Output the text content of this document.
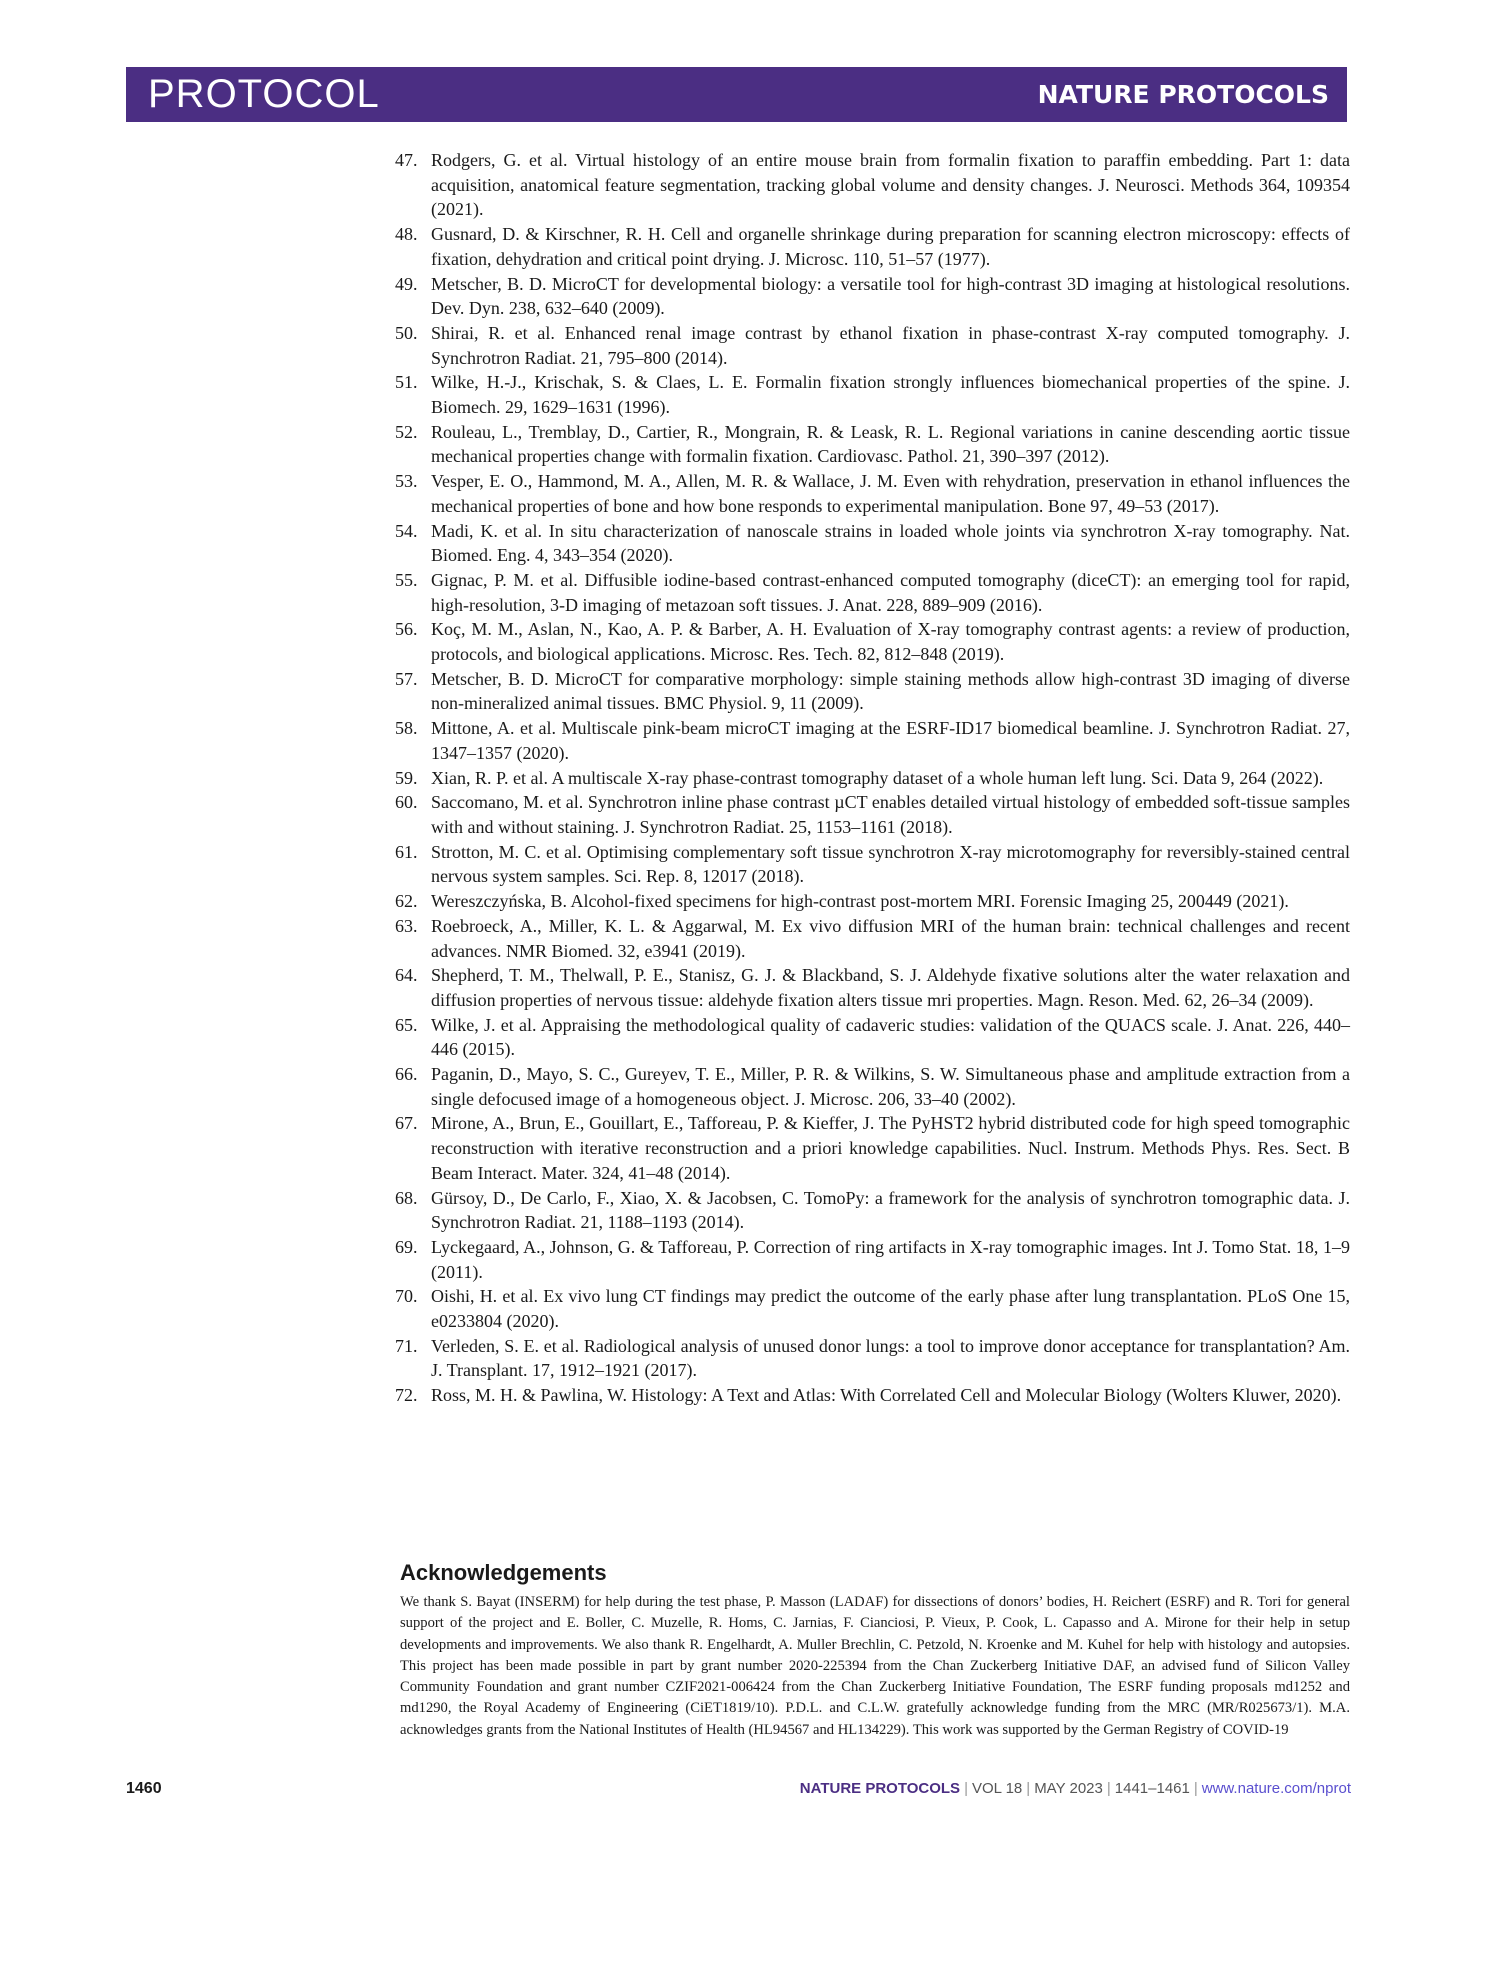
PROTOCOL	NATURE PROTOCOLS
47. Rodgers, G. et al. Virtual histology of an entire mouse brain from formalin fixation to paraffin embedding. Part 1: data acquisition, anatomical feature segmentation, tracking global volume and density changes. J. Neurosci. Methods 364, 109354 (2021).
48. Gusnard, D. & Kirschner, R. H. Cell and organelle shrinkage during preparation for scanning electron microscopy: effects of fixation, dehydration and critical point drying. J. Microsc. 110, 51–57 (1977).
49. Metscher, B. D. MicroCT for developmental biology: a versatile tool for high-contrast 3D imaging at histological resolutions. Dev. Dyn. 238, 632–640 (2009).
50. Shirai, R. et al. Enhanced renal image contrast by ethanol fixation in phase-contrast X-ray computed tomography. J. Synchrotron Radiat. 21, 795–800 (2014).
51. Wilke, H.-J., Krischak, S. & Claes, L. E. Formalin fixation strongly influences biomechanical properties of the spine. J. Biomech. 29, 1629–1631 (1996).
52. Rouleau, L., Tremblay, D., Cartier, R., Mongrain, R. & Leask, R. L. Regional variations in canine descending aortic tissue mechanical properties change with formalin fixation. Cardiovasc. Pathol. 21, 390–397 (2012).
53. Vesper, E. O., Hammond, M. A., Allen, M. R. & Wallace, J. M. Even with rehydration, preservation in ethanol influences the mechanical properties of bone and how bone responds to experimental manipulation. Bone 97, 49–53 (2017).
54. Madi, K. et al. In situ characterization of nanoscale strains in loaded whole joints via synchrotron X-ray tomography. Nat. Biomed. Eng. 4, 343–354 (2020).
55. Gignac, P. M. et al. Diffusible iodine-based contrast-enhanced computed tomography (diceCT): an emerging tool for rapid, high-resolution, 3-D imaging of metazoan soft tissues. J. Anat. 228, 889–909 (2016).
56. Koç, M. M., Aslan, N., Kao, A. P. & Barber, A. H. Evaluation of X-ray tomography contrast agents: a review of production, protocols, and biological applications. Microsc. Res. Tech. 82, 812–848 (2019).
57. Metscher, B. D. MicroCT for comparative morphology: simple staining methods allow high-contrast 3D imaging of diverse non-mineralized animal tissues. BMC Physiol. 9, 11 (2009).
58. Mittone, A. et al. Multiscale pink-beam microCT imaging at the ESRF-ID17 biomedical beamline. J. Synchrotron Radiat. 27, 1347–1357 (2020).
59. Xian, R. P. et al. A multiscale X-ray phase-contrast tomography dataset of a whole human left lung. Sci. Data 9, 264 (2022).
60. Saccomano, M. et al. Synchrotron inline phase contrast µCT enables detailed virtual histology of embedded soft-tissue samples with and without staining. J. Synchrotron Radiat. 25, 1153–1161 (2018).
61. Strotton, M. C. et al. Optimising complementary soft tissue synchrotron X-ray microtomography for reversibly-stained central nervous system samples. Sci. Rep. 8, 12017 (2018).
62. Wereszczyńska, B. Alcohol-fixed specimens for high-contrast post-mortem MRI. Forensic Imaging 25, 200449 (2021).
63. Roebroeck, A., Miller, K. L. & Aggarwal, M. Ex vivo diffusion MRI of the human brain: technical challenges and recent advances. NMR Biomed. 32, e3941 (2019).
64. Shepherd, T. M., Thelwall, P. E., Stanisz, G. J. & Blackband, S. J. Aldehyde fixative solutions alter the water relaxation and diffusion properties of nervous tissue: aldehyde fixation alters tissue mri properties. Magn. Reson. Med. 62, 26–34 (2009).
65. Wilke, J. et al. Appraising the methodological quality of cadaveric studies: validation of the QUACS scale. J. Anat. 226, 440–446 (2015).
66. Paganin, D., Mayo, S. C., Gureyev, T. E., Miller, P. R. & Wilkins, S. W. Simultaneous phase and amplitude extraction from a single defocused image of a homogeneous object. J. Microsc. 206, 33–40 (2002).
67. Mirone, A., Brun, E., Gouillart, E., Tafforeau, P. & Kieffer, J. The PyHST2 hybrid distributed code for high speed tomographic reconstruction with iterative reconstruction and a priori knowledge capabilities. Nucl. Instrum. Methods Phys. Res. Sect. B Beam Interact. Mater. 324, 41–48 (2014).
68. Gürsoy, D., De Carlo, F., Xiao, X. & Jacobsen, C. TomoPy: a framework for the analysis of synchrotron tomographic data. J. Synchrotron Radiat. 21, 1188–1193 (2014).
69. Lyckegaard, A., Johnson, G. & Tafforeau, P. Correction of ring artifacts in X-ray tomographic images. Int J. Tomo Stat. 18, 1–9 (2011).
70. Oishi, H. et al. Ex vivo lung CT findings may predict the outcome of the early phase after lung transplantation. PLoS One 15, e0233804 (2020).
71. Verleden, S. E. et al. Radiological analysis of unused donor lungs: a tool to improve donor acceptance for transplantation? Am. J. Transplant. 17, 1912–1921 (2017).
72. Ross, M. H. & Pawlina, W. Histology: A Text and Atlas: With Correlated Cell and Molecular Biology (Wolters Kluwer, 2020).
Acknowledgements

We thank S. Bayat (INSERM) for help during the test phase, P. Masson (LADAF) for dissections of donors’ bodies, H. Reichert (ESRF) and R. Tori for general support of the project and E. Boller, C. Muzelle, R. Homs, C. Jarnias, F. Cianciosi, P. Vieux, P. Cook, L. Capasso and A. Mirone for their help in setup developments and improvements. We also thank R. Engelhardt, A. Muller Brechlin, C. Petzold, N. Kroenke and M. Kuhel for help with histology and autopsies. This project has been made possible in part by grant number 2020-225394 from the Chan Zuckerberg Initiative DAF, an advised fund of Silicon Valley Community Foundation and grant number CZIF2021-006424 from the Chan Zuckerberg Initiative Foundation, The ESRF funding proposals md1252 and md1290, the Royal Academy of Engineering (CiET1819/10). P.D.L. and C.L.W. gratefully acknowledge funding from the MRC (MR/R025673/1). M.A. acknowledges grants from the National Institutes of Health (HL94567 and HL134229). This work was supported by the German Registry of COVID-19

1460	NATURE PROTOCOLS | VOL 18 | MAY 2023 | 1441–1461 | www.nature.com/nprot
